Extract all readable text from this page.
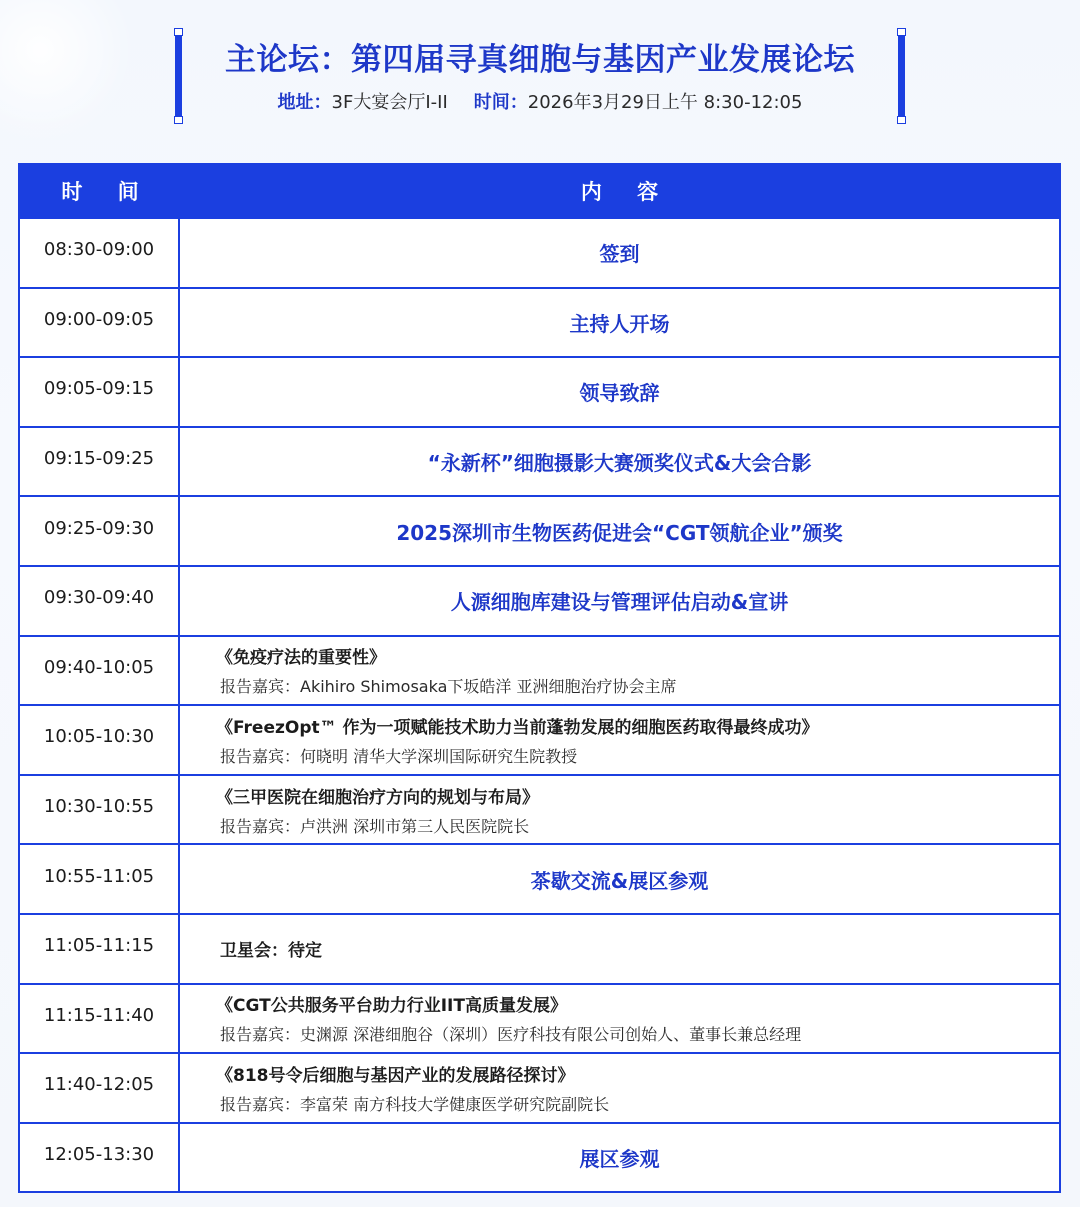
主论坛：第四届寻真细胞与基因产业发展论坛
地址：3F大宴会厅I-II 时间：2026年3月29日上午 8:30-12:05
时 间	内 容
08:30-09:00	签到
09:00-09:05	主持人开场
09:05-09:15	领导致辞
09:15-09:25	“永新杯”细胞摄影大赛颁奖仪式&大会合影
09:25-09:30	2025深圳市生物医药促进会“CGT领航企业”颁奖
09:30-09:40	人源细胞库建设与管理评估启动&宣讲
09:40-10:05	《免疫疗法的重要性》
报告嘉宾：Akihiro Shimosaka下坂皓洋 亚洲细胞治疗协会主席
10:05-10:30	《FreezOpt™ 作为一项赋能技术助力当前蓬勃发展的细胞医药取得最终成功》
报告嘉宾：何晓明 清华大学深圳国际研究生院教授
10:30-10:55	《三甲医院在细胞治疗方向的规划与布局》
报告嘉宾：卢洪洲 深圳市第三人民医院院长
10:55-11:05	茶歇交流&展区参观
11:05-11:15	卫星会：待定
11:15-11:40	《CGT公共服务平台助力行业IIT高质量发展》
报告嘉宾：史渊源 深港细胞谷（深圳）医疗科技有限公司创始人、董事长兼总经理
11:40-12:05	《818号令后细胞与基因产业的发展路径探讨》
报告嘉宾：李富荣 南方科技大学健康医学研究院副院长
12:05-13:30	展区参观
